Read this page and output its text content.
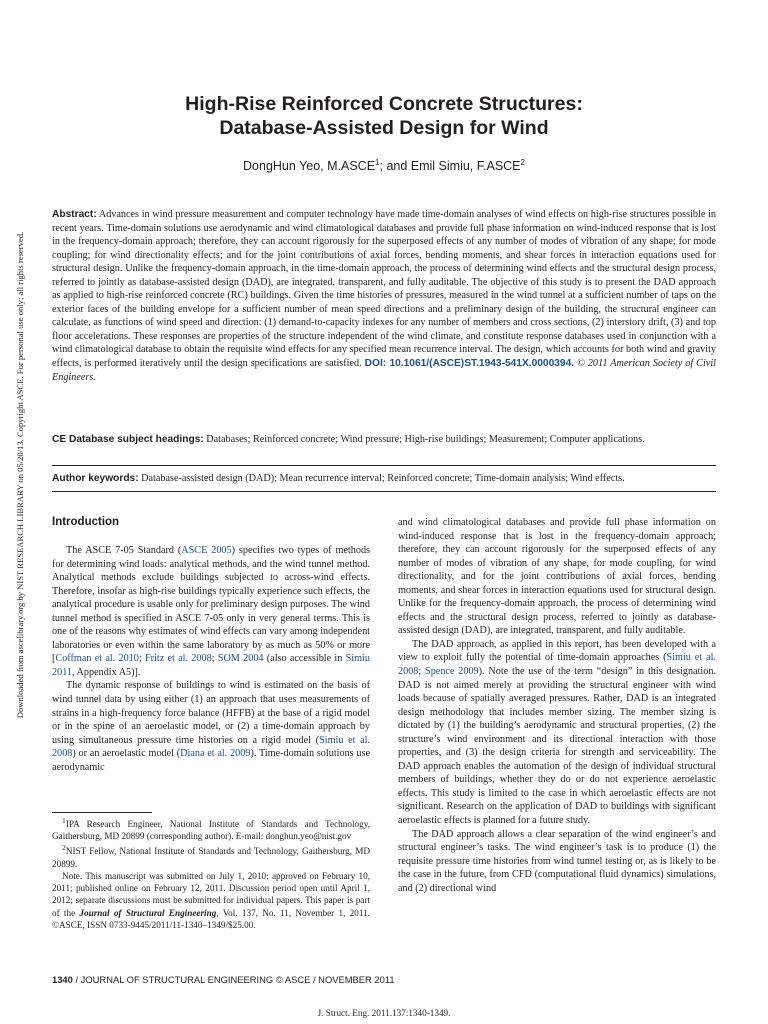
Downloaded from ascelibrary.org by NIST RESEARCH LIBRARY on 05/20/13. Copyright ASCE. For personal use only; all rights reserved.
High-Rise Reinforced Concrete Structures:
Database-Assisted Design for Wind
DongHun Yeo, M.ASCE$^1$; and Emil Simiu, F.ASCE$^2$
Abstract: Advances in wind pressure measurement and computer technology have made time-domain analyses of wind effects on high-rise structures possible in recent years. Time-domain solutions use aerodynamic and wind climatological databases and provide full phase information on wind-induced response that is lost in the frequency-domain approach; therefore, they can account rigorously for the superposed effects of any number of modes of vibration of any shape; for mode coupling; for wind directionality effects; and for the joint contributions of axial forces, bending moments, and shear forces in interaction equations used for structural design. Unlike the frequency-domain approach, in the time-domain approach, the process of determining wind effects and the structural design process, referred to jointly as database-assisted design (DAD), are integrated, transparent, and fully auditable. The objective of this study is to present the DAD approach as applied to high-rise reinforced concrete (RC) buildings. Given the time histories of pressures, measured in the wind tunnel at a sufficient number of taps on the exterior faces of the building envelope for a sufficient number of mean speed directions and a preliminary design of the building, the structural engineer can calculate, as functions of wind speed and direction: (1) demand-to-capacity indexes for any number of members and cross sections, (2) interstory drift, (3) and top floor accelerations. These responses are properties of the structure independent of the wind climate, and constitute response databases used in conjunction with a wind climatological database to obtain the requisite wind effects for any specified mean recurrence interval. The design, which accounts for both wind and gravity effects, is performed iteratively until the design specifications are satisfied. DOI: 10.1061/(ASCE)ST.1943-541X.0000394. © 2011 American Society of Civil Engineers.
CE Database subject headings: Databases; Reinforced concrete; Wind pressure; High-rise buildings; Measurement; Computer applications.
Author keywords: Database-assisted design (DAD); Mean recurrence interval; Reinforced concrete; Time-domain analysis; Wind effects.
Introduction

The ASCE 7-05 Standard (ASCE 2005) specifies two types of methods for determining wind loads: analytical methods, and the wind tunnel method. Analytical methods exclude buildings subjected to across-wind effects. Therefore, insofar as high-rise buildings typically experience such effects, the analytical procedure is usable only for preliminary design purposes. The wind tunnel method is specified in ASCE 7-05 only in very general terms. This is one of the reasons why estimates of wind effects can vary among independent laboratories or even within the same laboratory by as much as 50% or more [Coffman et al. 2010; Fritz et al. 2008; SOM 2004 (also accessible in Simiu 2011, Appendix A5)].

The dynamic response of buildings to wind is estimated on the basis of wind tunnel data by using either (1) an approach that uses measurements of strains in a high-frequency force balance (HFFB) at the base of a rigid model or in the spine of an aeroelastic model, or (2) a time-domain approach by using simultaneous pressure time histories on a rigid model (Simiu et al. 2008) or an aeroelastic model (Diana et al. 2009). Time-domain solutions use aerodynamic

$^1$IPA Research Engineer, National Institute of Standards and Technology, Gaithersburg, MD 20899 (corresponding author). E-mail: donghun.yeo@nist.gov

$^2$NIST Fellow, National Institute of Standards and Technology, Gaithersburg, MD 20899.

Note. This manuscript was submitted on July 1, 2010; approved on February 10, 2011; published online on February 12, 2011. Discussion period open until April 1, 2012; separate discussions must be submitted for individual papers. This paper is part of the Journal of Structural Engineering, Vol. 137, No. 11, November 1, 2011. ©ASCE, ISSN 0733-9445/2011/11-1340–1349/$25.00.

and wind climatological databases and provide full phase information on wind-induced response that is lost in the frequency-domain approach; therefore, they can account rigorously for the superposed effects of any number of modes of vibration of any shape, for mode coupling, for wind directionality, and for the joint contributions of axial forces, bending moments, and shear forces in interaction equations used for structural design. Unlike for the frequency-domain approach, the process of determining wind effects and the structural design process, referred to jointly as database-assisted design (DAD), are integrated, transparent, and fully auditable.

The DAD approach, as applied in this report, has been developed with a view to exploit fully the potential of time-domain approaches (Simiu et al. 2008; Spence 2009). Note the use of the term “design” in this designation. DAD is not aimed merely at providing the structural engineer with wind loads because of spatially averaged pressures. Rather, DAD is an integrated design methodology that includes member sizing. The member sizing is dictated by (1) the building’s aerodynamic and structural properties, (2) the structure’s wind environment and its directional interaction with those properties, and (3) the design criteria for strength and serviceability. The DAD approach enables the automation of the design of individual structural members of buildings, whether they do or do not experience aeroelastic effects. This study is limited to the case in which aeroelastic effects are not significant. Research on the application of DAD to buildings with significant aeroelastic effects is planned for a future study.

The DAD approach allows a clear separation of the wind engineer’s and structural engineer’s tasks. The wind engineer’s task is to produce (1) the requisite pressure time histories from wind tunnel testing or, as is likely to be the case in the future, from CFD (computational fluid dynamics) simulations, and (2) directional wind

1340 / JOURNAL OF STRUCTURAL ENGINEERING © ASCE / NOVEMBER 2011
J. Struct. Eng. 2011.137:1340-1349.
